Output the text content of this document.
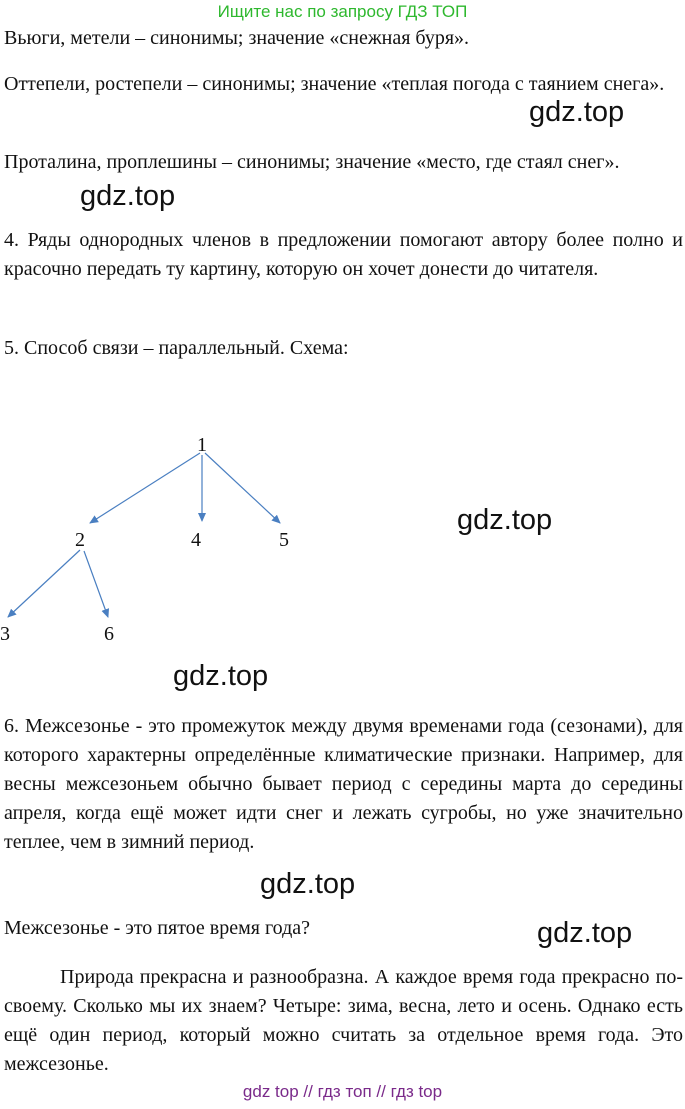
Ищите нас по запросу ГДЗ ТОП

Вьюги, метели – синонимы; значение «снежная буря».

Оттепели, ростепели – синонимы; значение «теплая погода с таянием снега».

gdz.top

Проталина, проплешины – синонимы; значение «место, где стаял снег».

gdz.top

4. Ряды однородных членов в предложении помогают автору более полно и красочно передать ту картину, которую он хочет донести до читателя.

5. Способ связи – параллельный. Схема:

1
2	4	5
3	6
gdz.top
gdz.top

6. Межсезонье - это промежуток между двумя временами года (сезонами), для которого характерны определённые климатические признаки. Например, для весны межсезоньем обычно бывает период с середины марта до середины апреля, когда ещё может идти снег и лежать сугробы, но уже значительно теплее, чем в зимний период.

gdz.top

Межсезонье - это пятое время года?	gdz.top

Природа прекрасна и разнообразна. А каждое время года прекрасно по-своему. Сколько мы их знаем? Четыре: зима, весна, лето и осень. Однако есть ещё один период, который можно считать за отдельное время года. Это межсезонье.

gdz top // гдз топ // гдз top
